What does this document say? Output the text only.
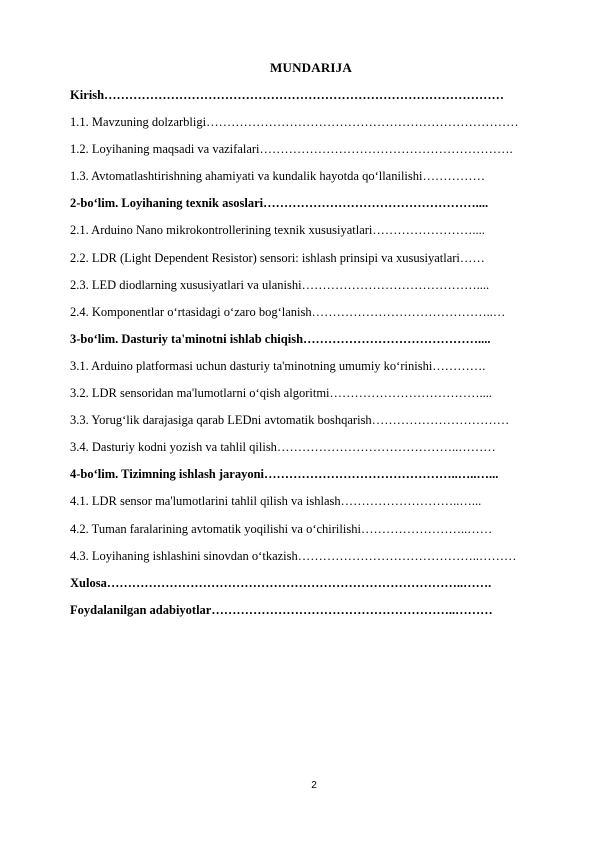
MUNDARIJA
Kirish……………………………………………………………………………………
1.1. Mavzuning dolzarbligi…………………………………………………………………
1.2. Loyihaning maqsadi va vazifalari…………………………………………………….
1.3. Avtomatlashtirishning ahamiyati va kundalik hayotda qo‘llanilishi……………
2-bo‘lim. Loyihaning texnik asoslari……………………………………………....
2.1. Arduino Nano mikrokontrollerining texnik xususiyatlari……………………....
2.2. LDR (Light Dependent Resistor) sensori: ishlash prinsipi va xususiyatlari……
2.3. LED diodlarning xususiyatlari va ulanishi……………………………………....
2.4. Komponentlar o‘rtasidagi o‘zaro bog‘lanish……………………………………..…
3-bo‘lim. Dasturiy ta'minotni ishlab chiqish……………………………………....
3.1. Arduino platformasi uchun dasturiy ta'minotning umumiy ko‘rinishi………….
3.2. LDR sensoridan ma'lumotlarni o‘qish algoritmi………………………………....
3.3. Yorug‘lik darajasiga qarab LEDni avtomatik boshqarish……………………………
3.4. Dasturiy kodni yozish va tahlil qilish……………………………………..………
4-bo‘lim. Tizimning ishlash jarayoni………………………………………..…..…...
4.1. LDR sensor ma'lumotlarini tahlil qilish va ishlash………………………..…...
4.2. Tuman faralarining avtomatik yoqilishi va o‘chirilishi……………………..……
4.3. Loyihaning ishlashini sinovdan o‘tkazish……………………………………..………
Xulosa…………………………………………………………………………..…….
Foydalanilgan adabiyotlar…………………………………………………..………
2
